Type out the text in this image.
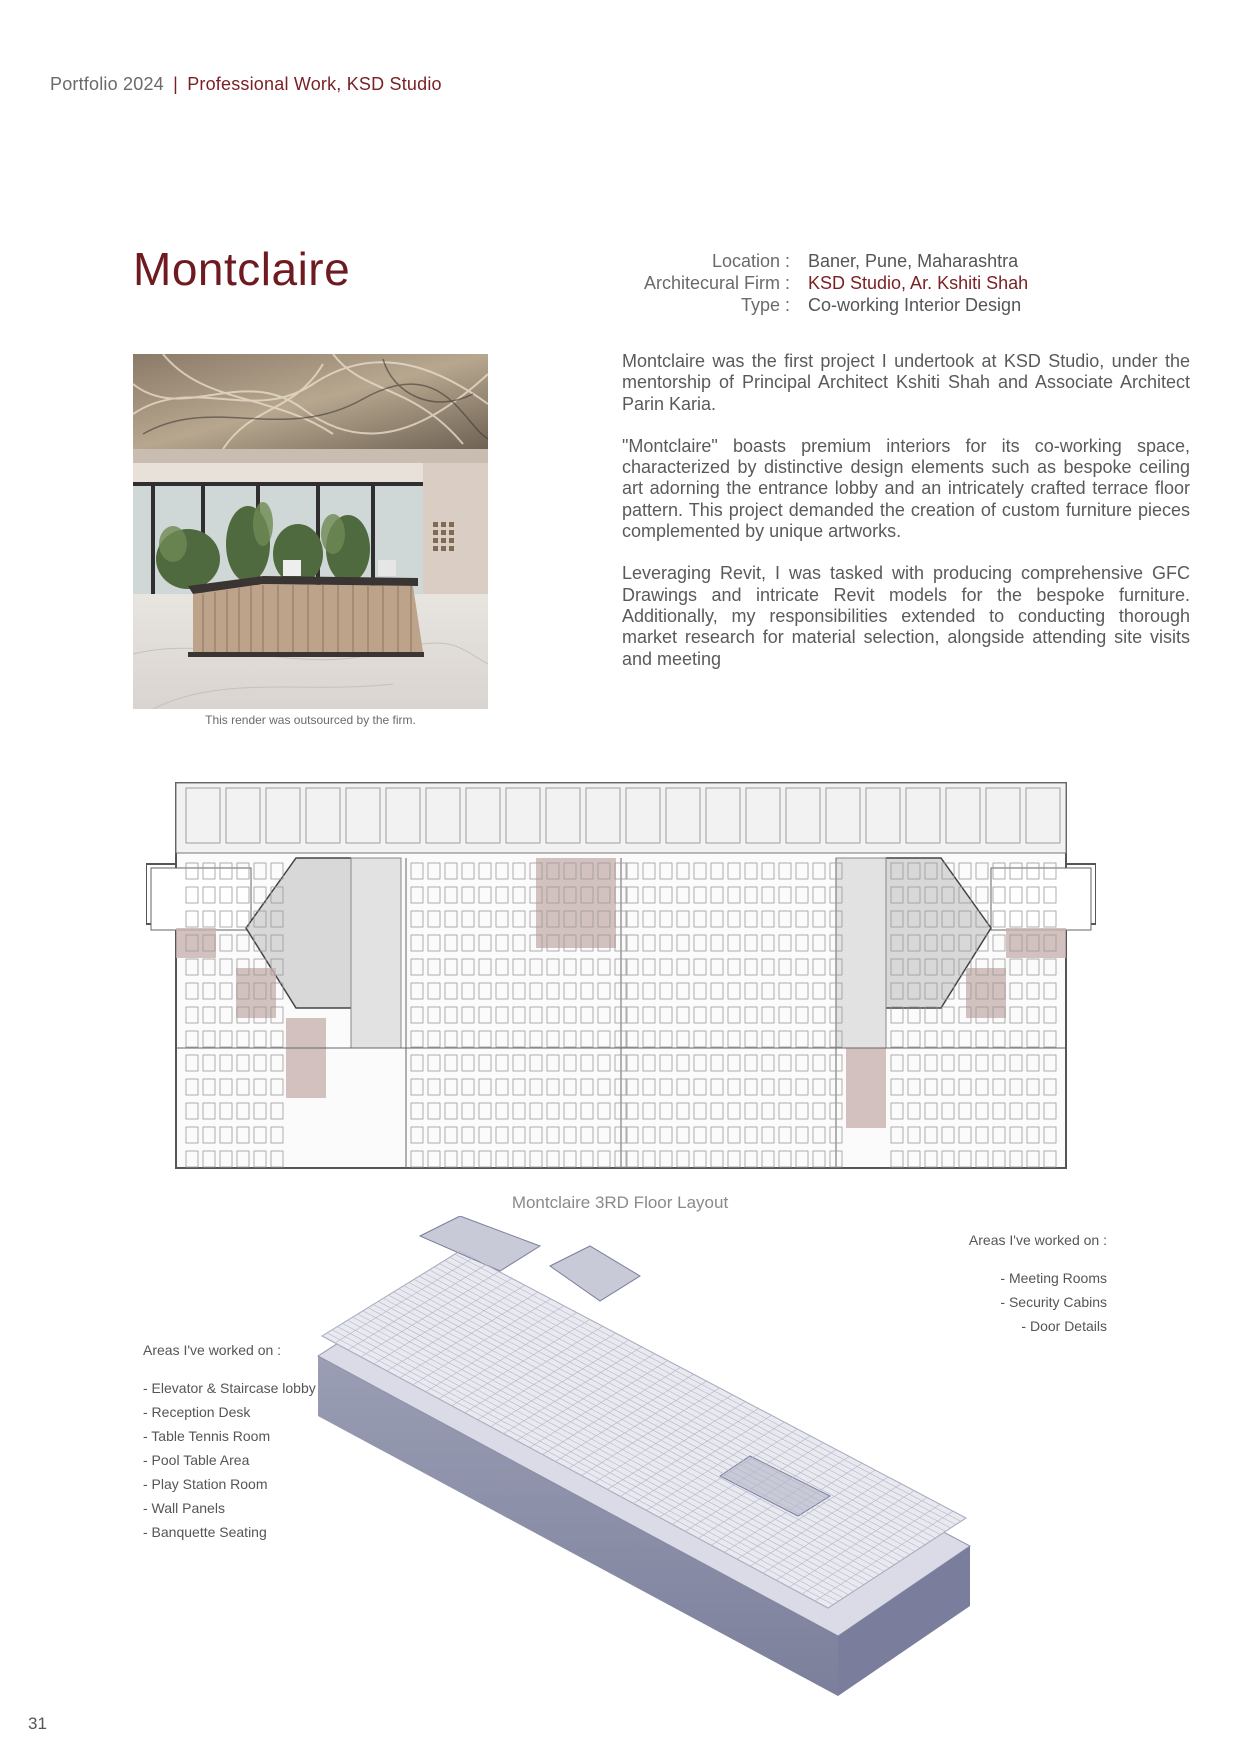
Portfolio 2024 | Professional Work, KSD Studio
Montclaire	Location :	Baner, Pune, Maharashtra
Architecural Firm :	KSD Studio, Ar. Kshiti Shah
Type :	Co-working Interior Design
This render was outsourced by the firm.

Montclaire was the first project I undertook at KSD Studio, under the mentorship of Principal Architect Kshiti Shah and Associate Architect Parin Karia.

"Montclaire" boasts premium interiors for its co-working space, characterized by distinctive design elements such as bespoke ceiling art adorning the entrance lobby and an intricately crafted terrace floor pattern. This project demanded the creation of custom furniture pieces complemented by unique artworks.

Leveraging Revit, I was tasked with producing comprehensive GFC Drawings and intricate Revit models for the bespoke furniture. Additionally, my responsibilities extended to conducting thorough market research for material selection, alongside attending site visits and meeting

Montclaire 3RD Floor Layout
Areas I've worked on :
- Meeting Rooms
- Security Cabins
- Door Details
Areas I've worked on :
- Elevator & Staircase lobby
- Reception Desk
- Table Tennis Room
- Pool Table Area
- Play Station Room
- Wall Panels
- Banquette Seating
31
